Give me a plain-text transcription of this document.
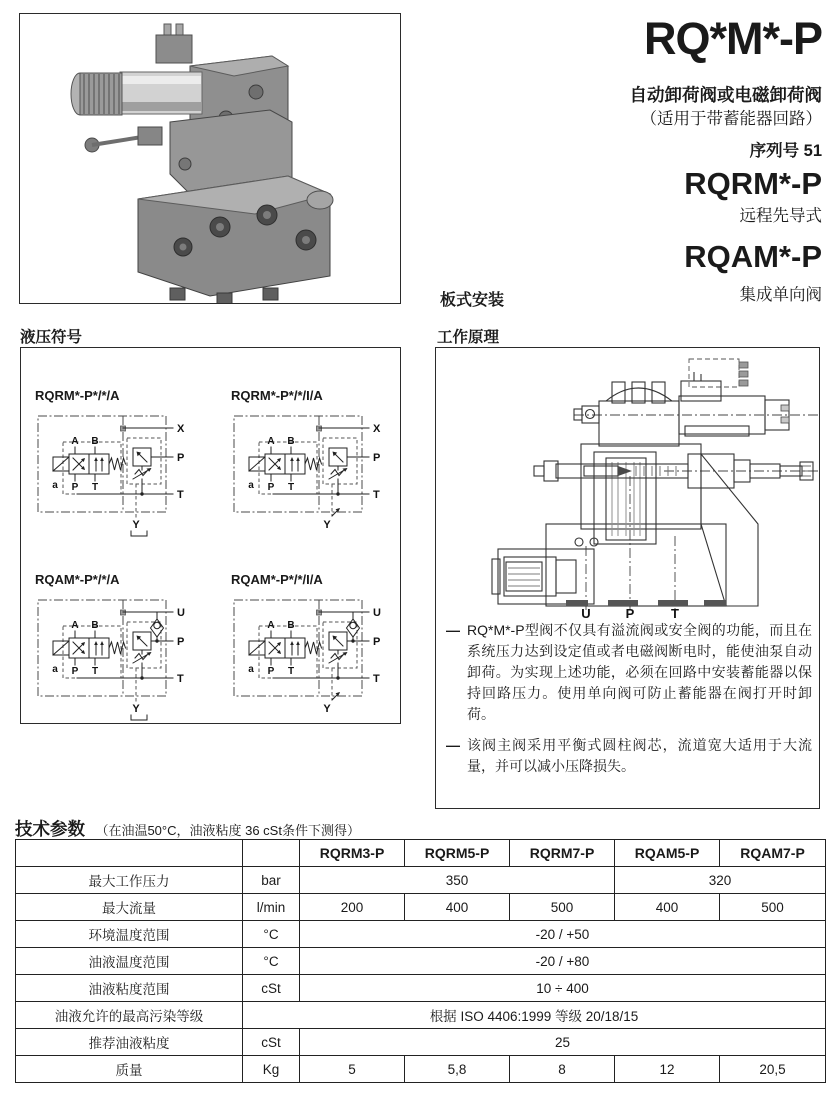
RQ*M*-P
自动卸荷阀或电磁卸荷阀
（适用于带蓄能器回路）
序列号 51
RQRM*-P
远程先导式
RQAM*-P
集成单向阀
板式安装
液压符号
RQRM*-P*/*/A
A B
a P T
X
P
T
Y
RQRM*-P*/*/I/A
A B
a P T
X
P
T
Y
RQAM*-P*/*/A
A B
a P T
U
P
T
Y
RQAM*-P*/*/I/A
A B
a P T
U
P
T
Y
工作原理
U	P	T
— RQ*M*-P型阀不仅具有溢流阀或安全阀的功能，而且在系统压力达到设定值或者电磁阀断电时，能使油泵自动卸荷。为实现上述功能，必须在回路中安装蓄能器以保持回路压力。使用单向阀可防止蓄能器在阀打开时卸荷。
— 该阀主阀采用平衡式圆柱阀芯，流道宽大适用于大流量，并可以减小压降损失。
技术参数 （在油温50°C，油液粘度 36 cSt条件下测得）
		RQRM3-P	RQRM5-P	RQRM7-P	RQAM5-P	RQAM7-P
最大工作压力	bar	350			320	
最大流量	l/min	200	400	500	400	500
环境温度范围	°C	-20 / +50				
油液温度范围	°C	-20 / +80				
油液粘度范围	cSt	10 ÷ 400				
油液允许的最高污染等级	根据 ISO 4406:1999 等级 20/18/15					
推荐油液粘度	cSt	25				
质量	Kg	5	5,8	8	12	20,5
